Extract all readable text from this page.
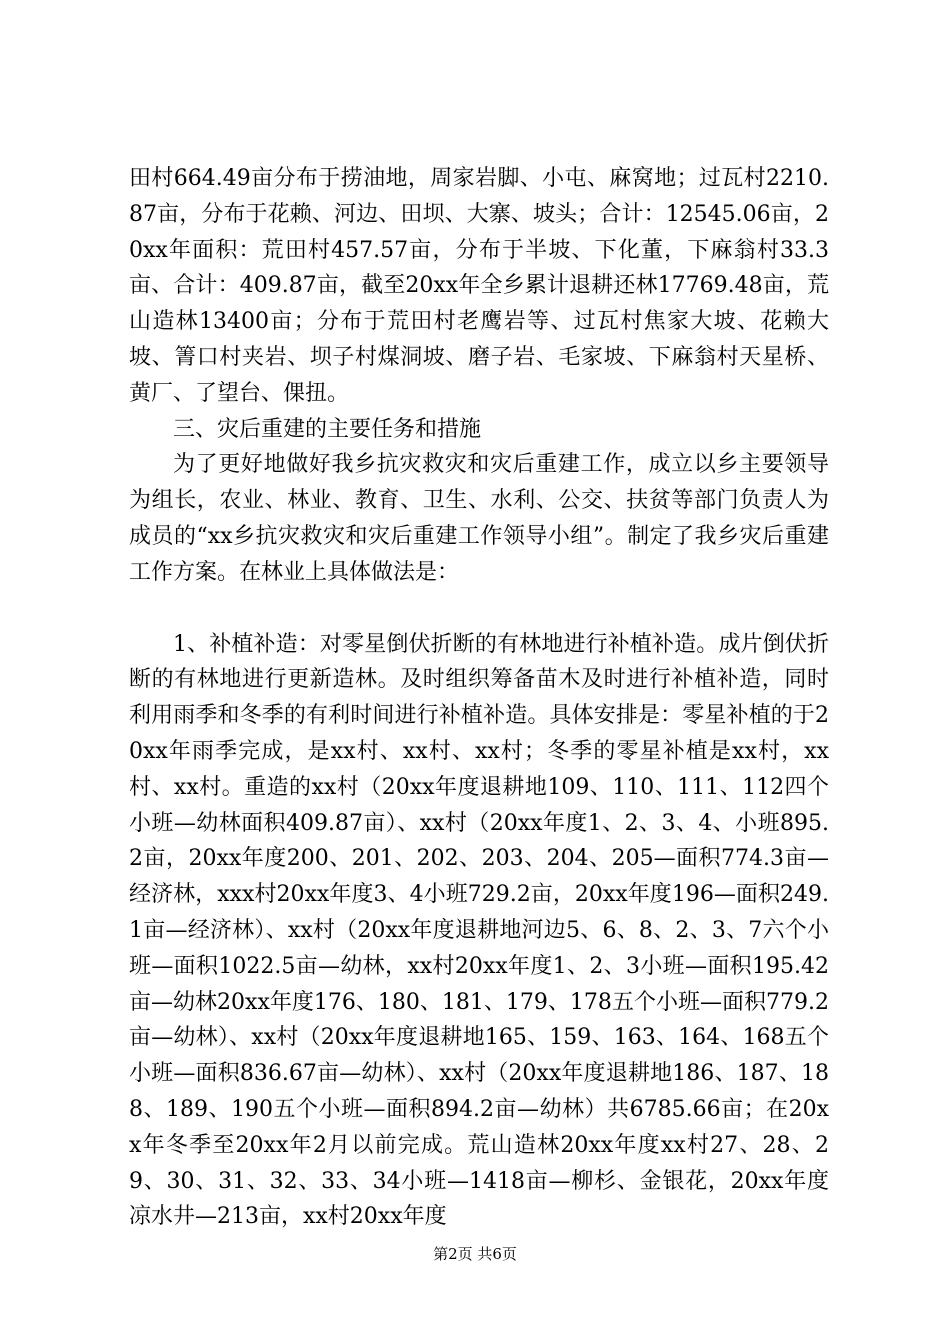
田村664.49亩分布于捞油地，周家岩脚、小屯、麻窝地；过瓦村2210.87亩，分布于花赖、河边、田坝、大寨、坡头；合计：12545.06亩，20xx年面积：荒田村457.57亩，分布于半坡、下化董，下麻翁村33.3亩、合计：409.87亩，截至20xx年全乡累计退耕还林17769.48亩，荒山造林13400亩；分布于荒田村老鹰岩等、过瓦村焦家大坡、花赖大坡、箐口村夹岩、坝子村煤洞坡、磨子岩、毛家坡、下麻翁村天星桥、黄厂、了望台、倮扭。

三、灾后重建的主要任务和措施

为了更好地做好我乡抗灾救灾和灾后重建工作，成立以乡主要领导为组长，农业、林业、教育、卫生、水利、公交、扶贫等部门负责人为成员的“xx乡抗灾救灾和灾后重建工作领导小组”。制定了我乡灾后重建工作方案。在林业上具体做法是：

1、补植补造：对零星倒伏折断的有林地进行补植补造。成片倒伏折断的有林地进行更新造林。及时组织筹备苗木及时进行补植补造，同时利用雨季和冬季的有利时间进行补植补造。具体安排是：零星补植的于20xx年雨季完成，是xx村、xx村、xx村；冬季的零星补植是xx村，xx村、xx村。重造的xx村（20xx年度退耕地109、110、111、112四个小班—幼林面积409.87亩）、xx村（20xx年度1、2、3、4、小班895.2亩，20xx年度200、201、202、203、204、205—面积774.3亩—经济林，xxx村20xx年度3、4小班729.2亩，20xx年度196—面积249.1亩—经济林）、xx村（20xx年度退耕地河边5、6、8、2、3、7六个小班—面积1022.5亩—幼林，xx村20xx年度1、2、3小班—面积195.42亩—幼林20xx年度176、180、181、179、178五个小班—面积779.2亩—幼林）、xx村（20xx年度退耕地165、159、163、164、168五个小班—面积836.67亩—幼林）、xx村（20xx年度退耕地186、187、188、189、190五个小班—面积894.2亩—幼林）共6785.66亩；在20xx年冬季至20xx年2月以前完成。荒山造林20xx年度xx村27、28、29、30、31、32、33、34小班—1418亩—柳杉、金银花，20xx年度凉水井—213亩，xx村20xx年度

第2页 共6页
